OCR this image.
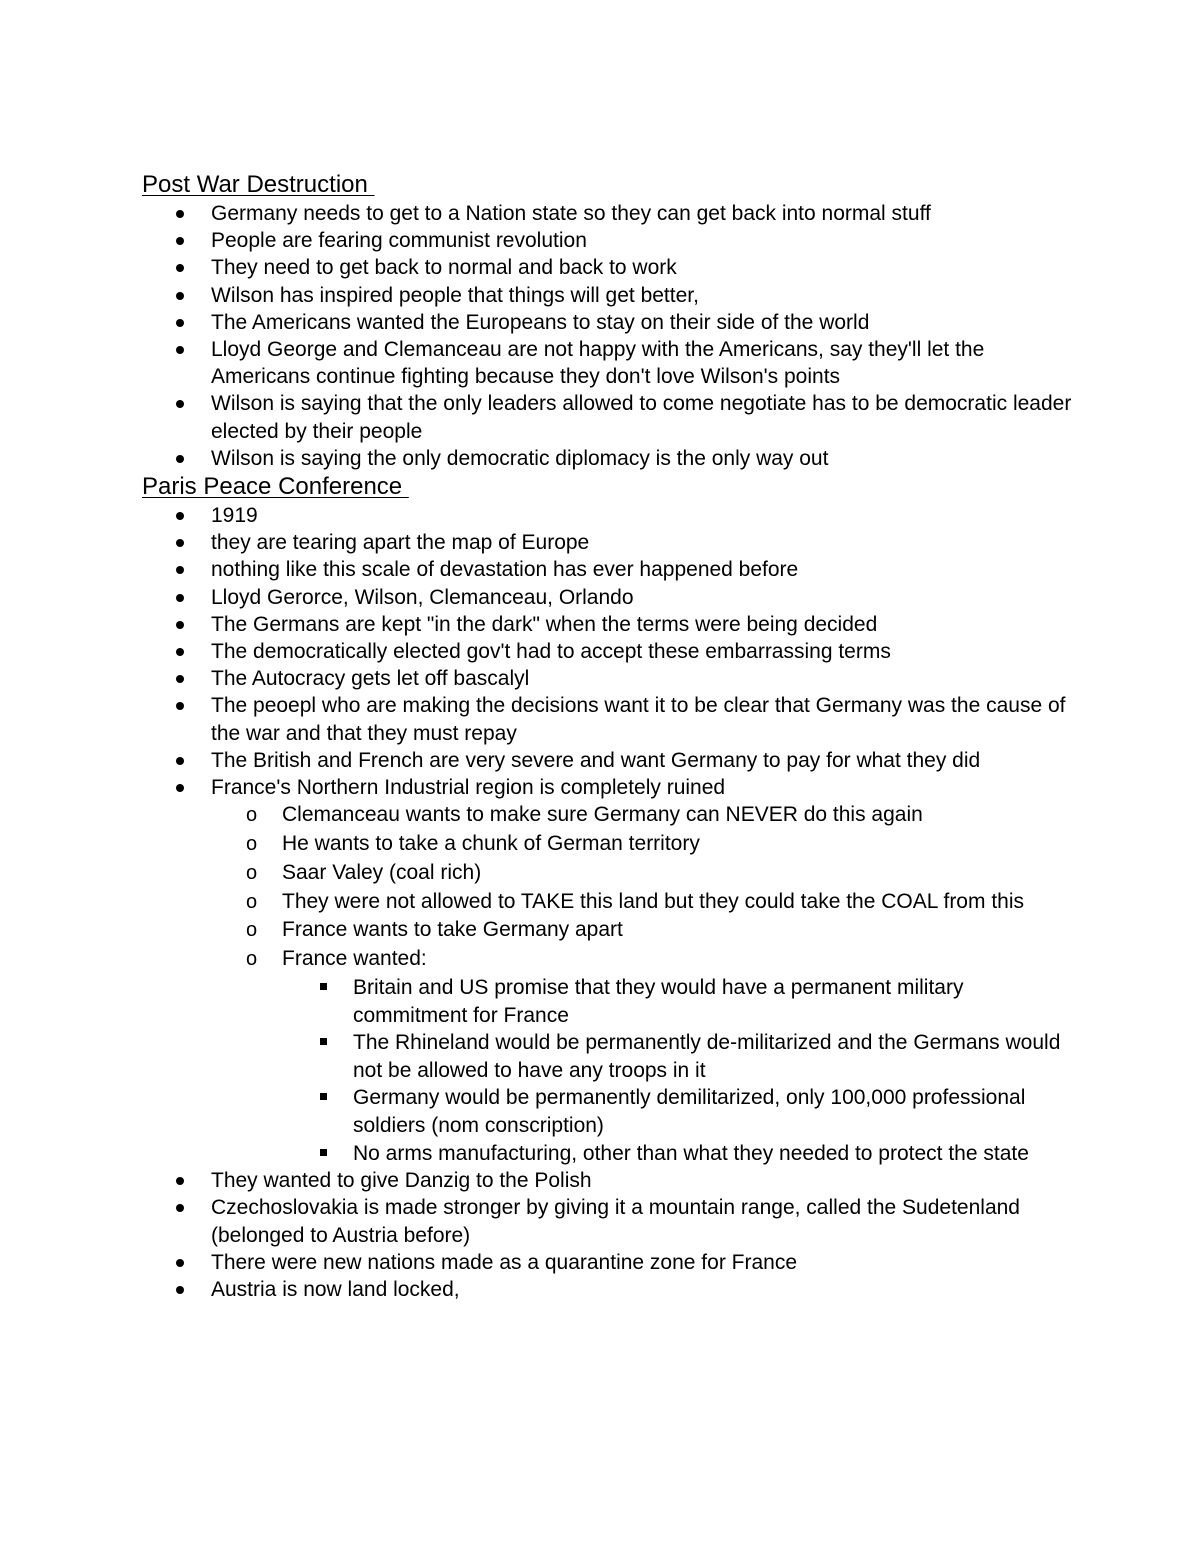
Post War Destruction
Germany needs to get to a Nation state so they can get back into normal stuff
People are fearing communist revolution
They need to get back to normal and back to work
Wilson has inspired people that things will get better,
The Americans wanted the Europeans to stay on their side of the world
Lloyd George and Clemanceau are not happy with the Americans, say they'll let the Americans continue fighting because they don't love Wilson's points
Wilson is saying that the only leaders allowed to come negotiate has to be democratic leader elected by their people
Wilson is saying the only democratic diplomacy is the only way out
Paris Peace Conference
1919
they are tearing apart the map of Europe
nothing like this scale of devastation has ever happened before
Lloyd Gerorce, Wilson, Clemanceau, Orlando
The Germans are kept "in the dark" when the terms were being decided
The democratically elected gov't had to accept these embarrassing terms
The Autocracy gets let off bascalyl
The peoepl who are making the decisions want it to be clear that Germany was the cause of the war and that they must repay
The British and French are very severe and want Germany to pay for what they did
France's Northern Industrial region is completely ruined
o	Clemanceau wants to make sure Germany can NEVER do this again
o	He wants to take a chunk of German territory
o	Saar Valey (coal rich)
o	They were not allowed to TAKE this land but they could take the COAL from this
o	France wants to take Germany apart
o	France wanted:
Britain and US promise that they would have a permanent military commitment for France
The Rhineland would be permanently de-militarized and the Germans would not be allowed to have any troops in it
Germany would be permanently demilitarized, only 100,000 professional soldiers (nom conscription)
No arms manufacturing, other than what they needed to protect the state
They wanted to give Danzig to the Polish
Czechoslovakia is made stronger by giving it a mountain range, called the Sudetenland (belonged to Austria before)
There were new nations made as a quarantine zone for France
Austria is now land locked,
